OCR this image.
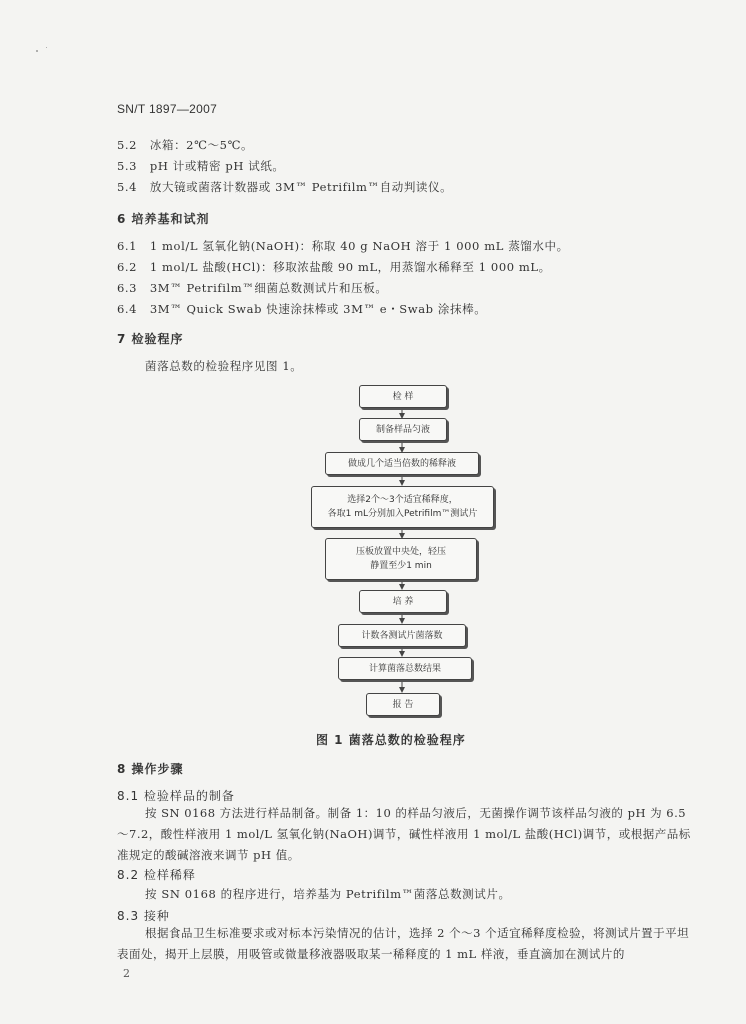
SN/T 1897—2007
5.2 冰箱：2℃～5℃。
5.3 pH 计或精密 pH 试纸。
5.4 放大镜或菌落计数器或 3M™ Petrifilm™自动判读仪。
6 培养基和试剂
6.1 1 mol/L 氢氧化钠(NaOH)：称取 40 g NaOH 溶于 1 000 mL 蒸馏水中。
6.2 1 mol/L 盐酸(HCl)：移取浓盐酸 90 mL，用蒸馏水稀释至 1 000 mL。
6.3 3M™ Petrifilm™细菌总数测试片和压板。
6.4 3M™ Quick Swab 快速涂抹棒或 3M™ e・Swab 涂抹棒。
7 检验程序
菌落总数的检验程序见图 1。
检 样
制备样品匀液
做成几个适当倍数的稀释液
选择2个～3个适宜稀释度，
各取1 mL分别加入Petrifilm™测试片
压板放置中央处，轻压
静置至少1 min
培 养
计数各测试片菌落数
计算菌落总数结果
报 告
图 1 菌落总数的检验程序
8 操作步骤
8.1 检验样品的制备
按 SN 0168 方法进行样品制备。制备 1：10 的样品匀液后，无菌操作调节该样品匀液的 pH 为 6.5～7.2，酸性样液用 1 mol/L 氢氧化钠(NaOH)调节，碱性样液用 1 mol/L 盐酸(HCl)调节，或根据产品标准规定的酸碱溶液来调节 pH 值。
8.2 检样稀释
按 SN 0168 的程序进行，培养基为 Petrifilm™菌落总数测试片。
8.3 接种
根据食品卫生标准要求或对标本污染情况的估计，选择 2 个～3 个适宜稀释度检验，将测试片置于平坦表面处，揭开上层膜，用吸管或微量移液器吸取某一稀释度的 1 mL 样液，垂直滴加在测试片的
2
